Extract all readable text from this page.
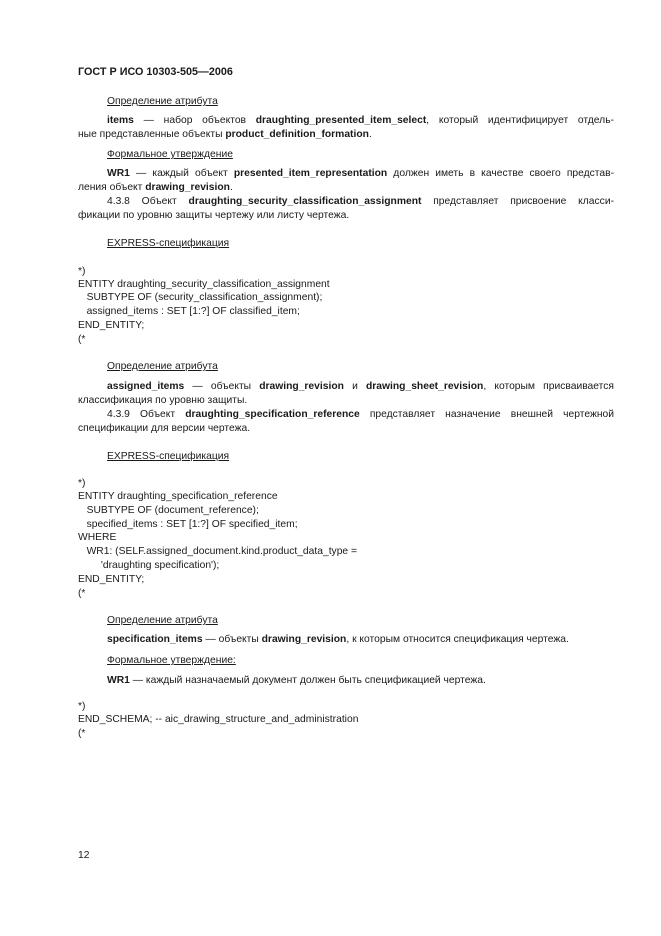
ГОСТ Р ИСО 10303-505—2006
Определение атрибута
items — набор объектов draughting_presented_item_select, который идентифицирует отдель-
ные представленные объекты product_definition_formation.
Формальное утверждение
WR1 — каждый объект presented_item_representation должен иметь в качестве своего представ-
ления объект drawing_revision.
4.3.8 Объект draughting_security_classification_assignment представляет присвоение класси-
фикации по уровню защиты чертежу или листу чертежа.
EXPRESS-спецификация
*)
ENTITY draughting_security_classification_assignment
SUBTYPE OF (security_classification_assignment);
assigned_items : SET [1:?] OF classified_item;
END_ENTITY;
(*
Определение атрибута
assigned_items — объекты drawing_revision и drawing_sheet_revision, которым присваивается
классификация по уровню защиты.
4.3.9 Объект draughting_specification_reference представляет назначение внешней чертежной
спецификации для версии чертежа.
EXPRESS-спецификация
*)
ENTITY draughting_specification_reference
SUBTYPE OF (document_reference);
specified_items : SET [1:?] OF specified_item;
WHERE
WR1: (SELF.assigned_document.kind.product_data_type =
'draughting specification');
END_ENTITY;
(*
Определение атрибута
specification_items — объекты drawing_revision, к которым относится спецификация чертежа.
Формальное утверждение:
WR1 — каждый назначаемый документ должен быть спецификацией чертежа.
*)
END_SCHEMA; -- aic_drawing_structure_and_administration
(*
12
